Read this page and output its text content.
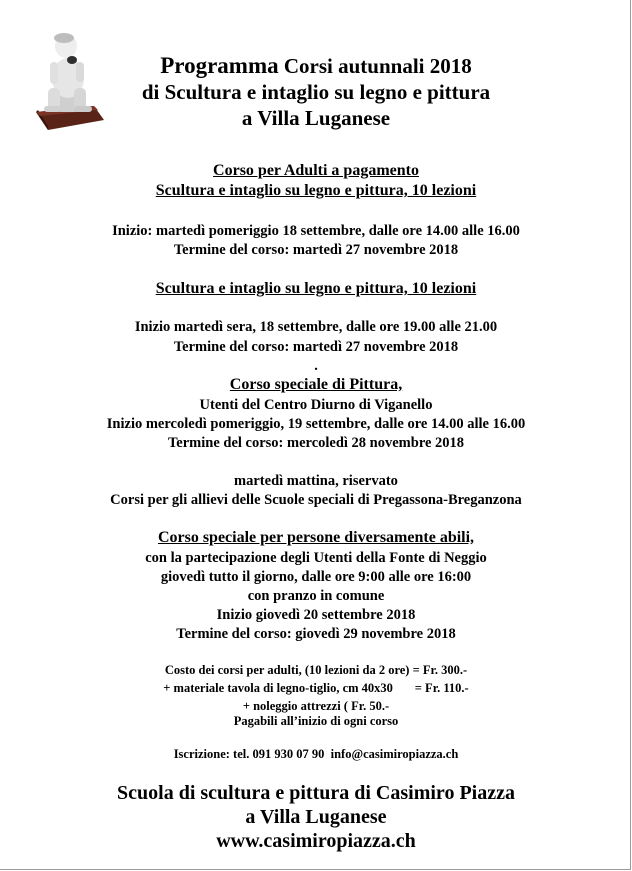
Programma Corsi autunnali 2018
di Scultura e intaglio su legno e pittura
a Villa Luganese
Corso per Adulti a pagamento
Scultura e intaglio su legno e pittura, 10 lezioni
Inizio: martedì pomeriggio 18 settembre, dalle ore 14.00 alle 16.00
Termine del corso: martedì 27 novembre 2018
Scultura e intaglio su legno e pittura, 10 lezioni
Inizio martedì sera, 18 settembre, dalle ore 19.00 alle 21.00
Termine del corso: martedì 27 novembre 2018
.
Corso speciale di Pittura,
Utenti del Centro Diurno di Viganello
Inizio mercoledì pomeriggio, 19 settembre, dalle ore 14.00 alle 16.00
Termine del corso: mercoledì 28 novembre 2018
martedì mattina, riservato
Corsi per gli allievi delle Scuole speciali di Pregassona-Breganzona
Corso speciale per persone diversamente abili,
con la partecipazione degli Utenti della Fonte di Neggio
giovedì tutto il giorno, dalle ore 9:00 alle ore 16:00
con pranzo in comune
Inizio giovedì 20 settembre 2018
Termine del corso: giovedì 29 novembre 2018
Costo dei corsi per adulti, (10 lezioni da 2 ore) = Fr. 300.-
+ materiale tavola di legno-tiglio, cm 40x30       = Fr. 110.-
+ noleggio attrezzi ( Fr. 50.-
Pagabili all’inizio di ogni corso
Iscrizione: tel. 091 930 07 90  info@casimiropiazza.ch
Scuola di scultura e pittura di Casimiro Piazza
a Villa Luganese
www.casimiropiazza.ch
